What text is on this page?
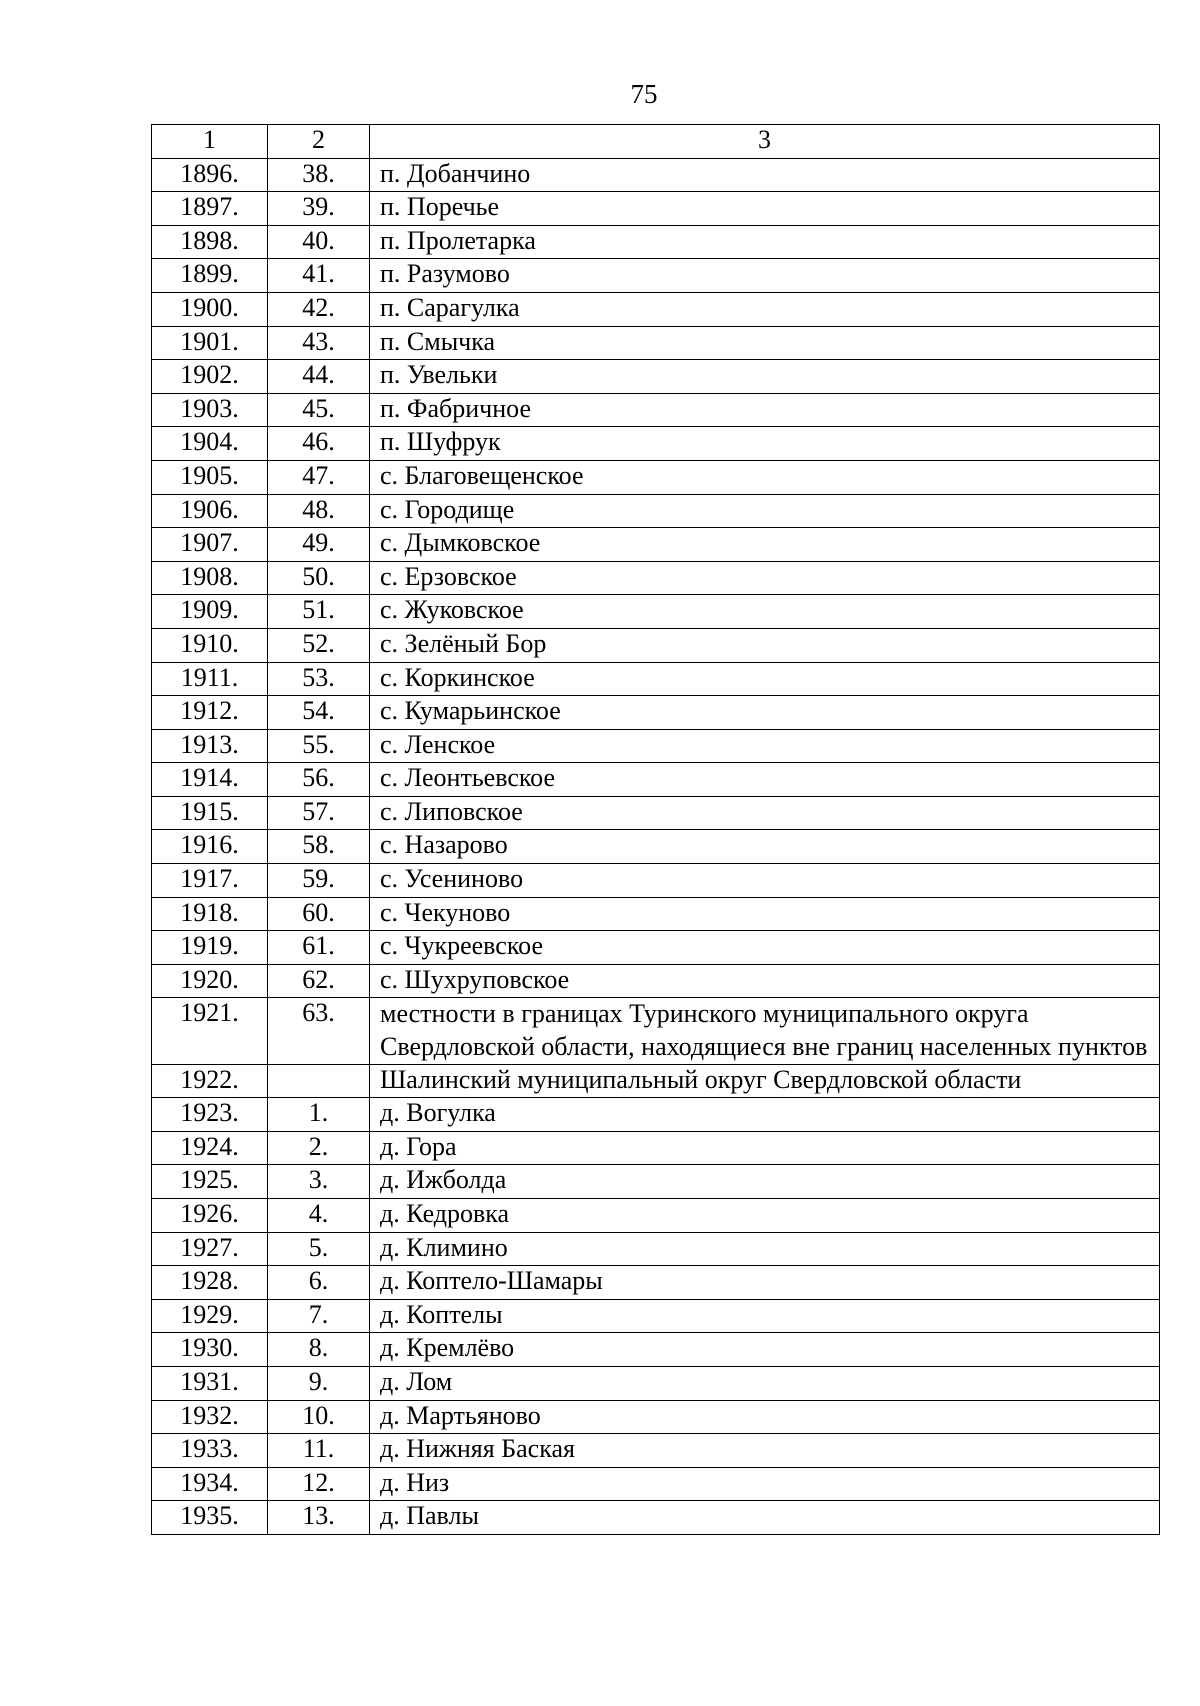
75
1	2	3
1896.	38.	п. Добанчино
1897.	39.	п. Поречье
1898.	40.	п. Пролетарка
1899.	41.	п. Разумово
1900.	42.	п. Сарагулка
1901.	43.	п. Смычка
1902.	44.	п. Увельки
1903.	45.	п. Фабричное
1904.	46.	п. Шуфрук
1905.	47.	с. Благовещенское
1906.	48.	с. Городище
1907.	49.	с. Дымковское
1908.	50.	с. Ерзовское
1909.	51.	с. Жуковское
1910.	52.	с. Зелёный Бор
1911.	53.	с. Коркинское
1912.	54.	с. Кумарьинское
1913.	55.	с. Ленское
1914.	56.	с. Леонтьевское
1915.	57.	с. Липовское
1916.	58.	с. Назарово
1917.	59.	с. Усениново
1918.	60.	с. Чекуново
1919.	61.	с. Чукреевское
1920.	62.	с. Шухруповское
1921.	63.	местности в границах Туринского муниципального округа Свердловской области, находящиеся вне границ населенных пунктов
1922.		Шалинский муниципальный округ Свердловской области
1923.	1.	д. Вогулка
1924.	2.	д. Гора
1925.	3.	д. Ижболда
1926.	4.	д. Кедровка
1927.	5.	д. Климино
1928.	6.	д. Коптело-Шамары
1929.	7.	д. Коптелы
1930.	8.	д. Кремлёво
1931.	9.	д. Лом
1932.	10.	д. Мартьяново
1933.	11.	д. Нижняя Баская
1934.	12.	д. Низ
1935.	13.	д. Павлы
